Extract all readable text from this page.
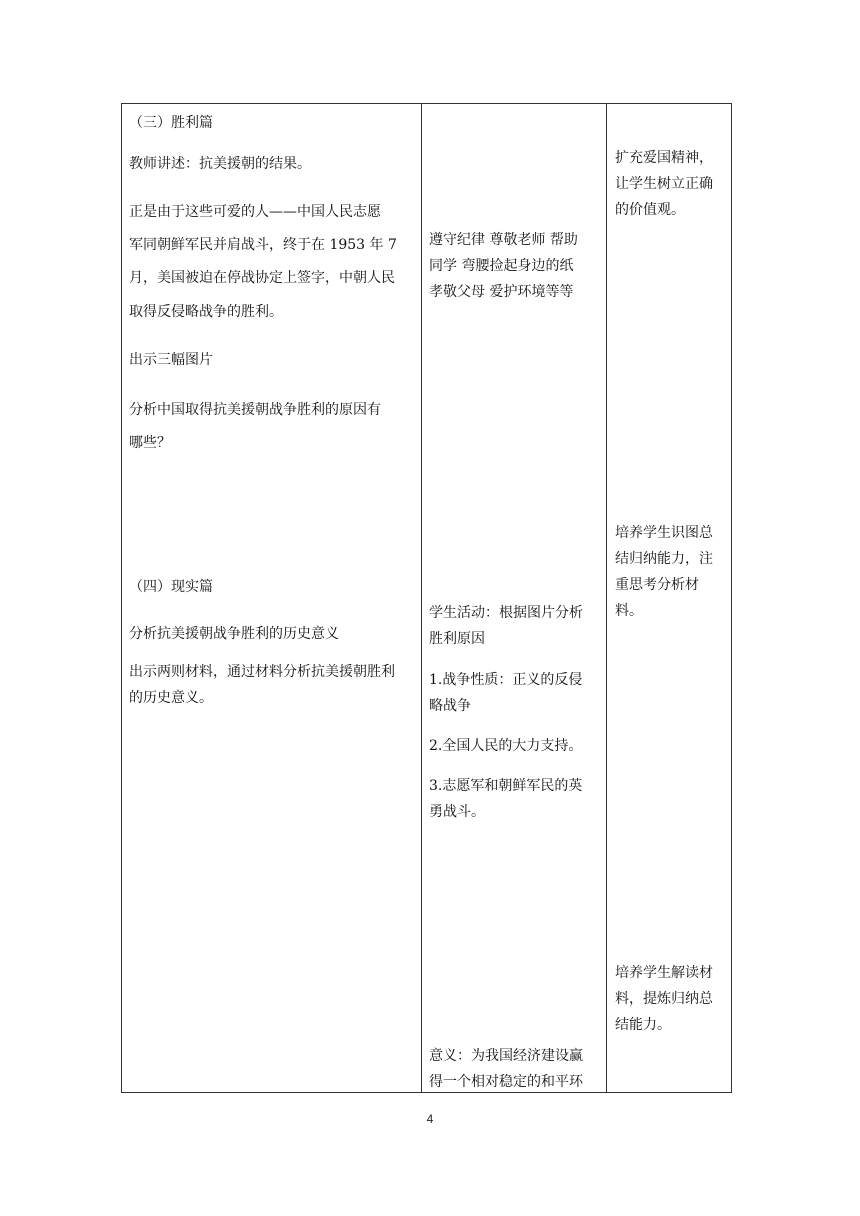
（三）胜利篇

教师讲述：抗美援朝的结果。

正是由于这些可爱的人——中国人民志愿

军同朝鲜军民并肩战斗，终于在 1953 年 7

月，美国被迫在停战协定上签字，中朝人民

取得反侵略战争的胜利。

出示三幅图片

分析中国取得抗美援朝战争胜利的原因有

哪些？

（四）现实篇

分析抗美援朝战争胜利的历史意义

出示两则材料，通过材料分析抗美援朝胜利

的历史意义。

遵守纪律 尊敬老师 帮助

同学 弯腰捡起身边的纸

孝敬父母 爱护环境等等

学生活动：根据图片分析

胜利原因

1.战争性质：正义的反侵

略战争

2.全国人民的大力支持。

3.志愿军和朝鲜军民的英

勇战斗。

意义：为我国经济建设赢

得一个相对稳定的和平环

扩充爱国精神，

让学生树立正确

的价值观。

培养学生识图总

结归纳能力，注

重思考分析材

料。

培养学生解读材

料，提炼归纳总

结能力。

4
